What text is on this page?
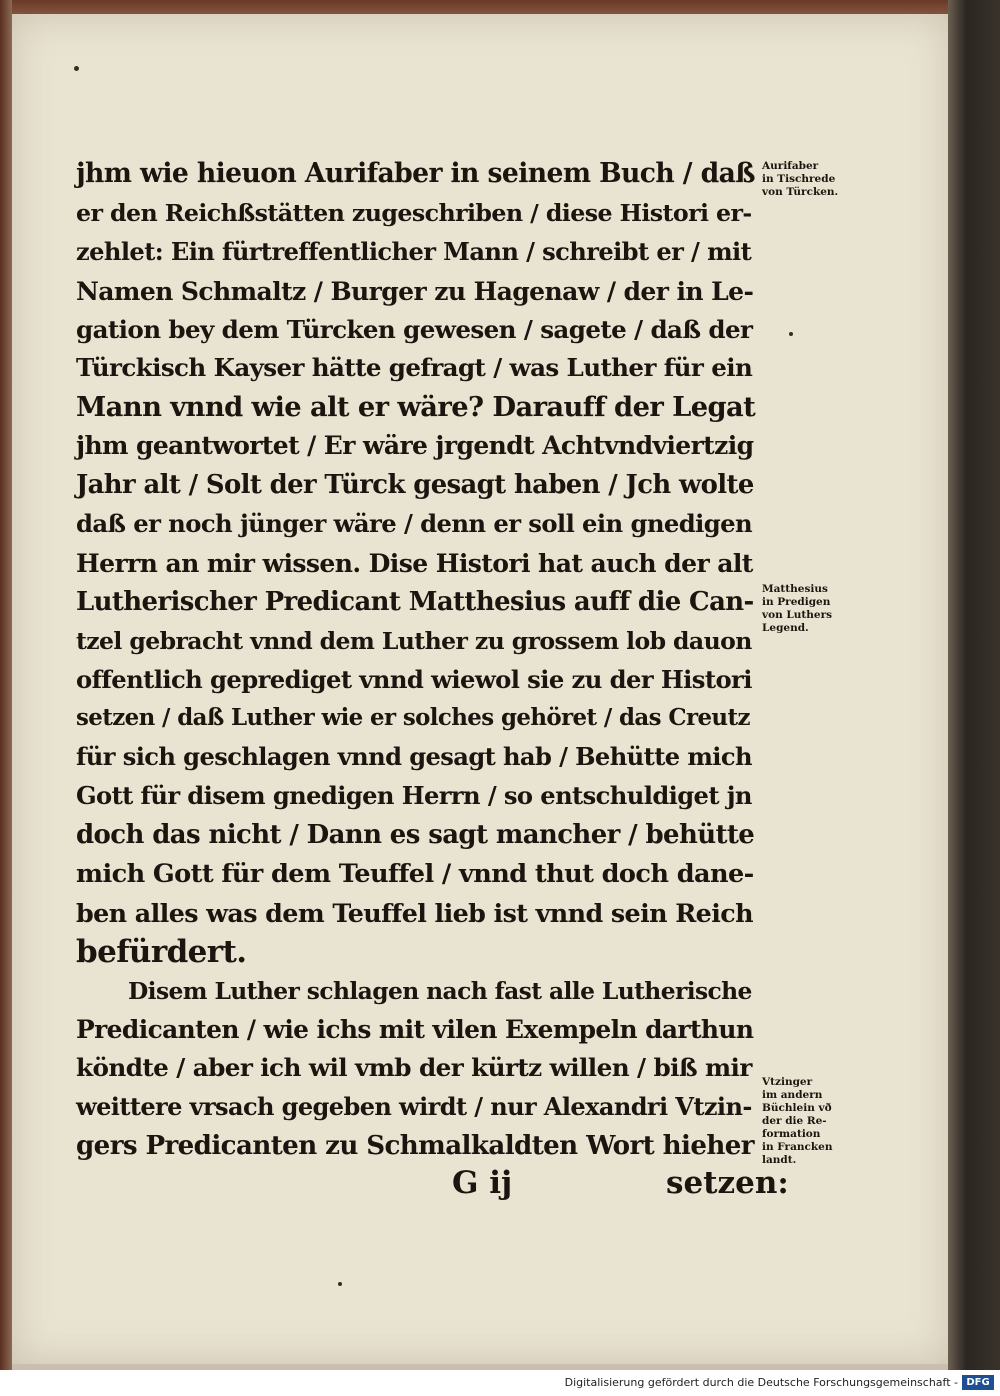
jhm wie hieuon Aurifaber in seinem Buch / daß
er den Reichßstätten zugeschriben / diese Histori er-
zehlet: Ein fürtreffentlicher Mann / schreibt er / mit
Namen Schmaltz / Burger zu Hagenaw / der in Le-
gation bey dem Türcken gewesen / sagete / daß der
Türckisch Kayser hätte gefragt / was Luther für ein
Mann vnnd wie alt er wäre? Darauff der Legat
jhm geantwortet / Er wäre jrgendt Achtvndviertzig
Jahr alt / Solt der Türck gesagt haben / Jch wolte
daß er noch jünger wäre / denn er soll ein gnedigen
Herrn an mir wissen. Dise Histori hat auch der alt
Lutherischer Predicant Matthesius auff die Can-
tzel gebracht vnnd dem Luther zu grossem lob dauon
offentlich geprediget vnnd wiewol sie zu der Histori
setzen / daß Luther wie er solches gehöret / das Creutz
für sich geschlagen vnnd gesagt hab / Behütte mich
Gott für disem gnedigen Herrn / so entschuldiget jn
doch das nicht / Dann es sagt mancher / behütte
mich Gott für dem Teuffel / vnnd thut doch dane-
ben alles was dem Teuffel lieb ist vnnd sein Reich
befürdert.
Disem Luther schlagen nach fast alle Lutherische
Predicanten / wie ichs mit vilen Exempeln darthun
köndte / aber ich wil vmb der kürtz willen / biß mir
weittere vrsach gegeben wirdt / nur Alexandri Vtzin-
gers Predicanten zu Schmalkaldten Wort hieher
G ij	setzen:
Aurifaber
in Tischrede
von Türcken.
Matthesius
in Predigen
von Luthers
Legend.
Vtzinger
im andern
Büchlein vð
der die Re-
formation
in Francken
landt.
Digitalisierung gefördert durch die Deutsche Forschungsgemeinschaft - DFG
